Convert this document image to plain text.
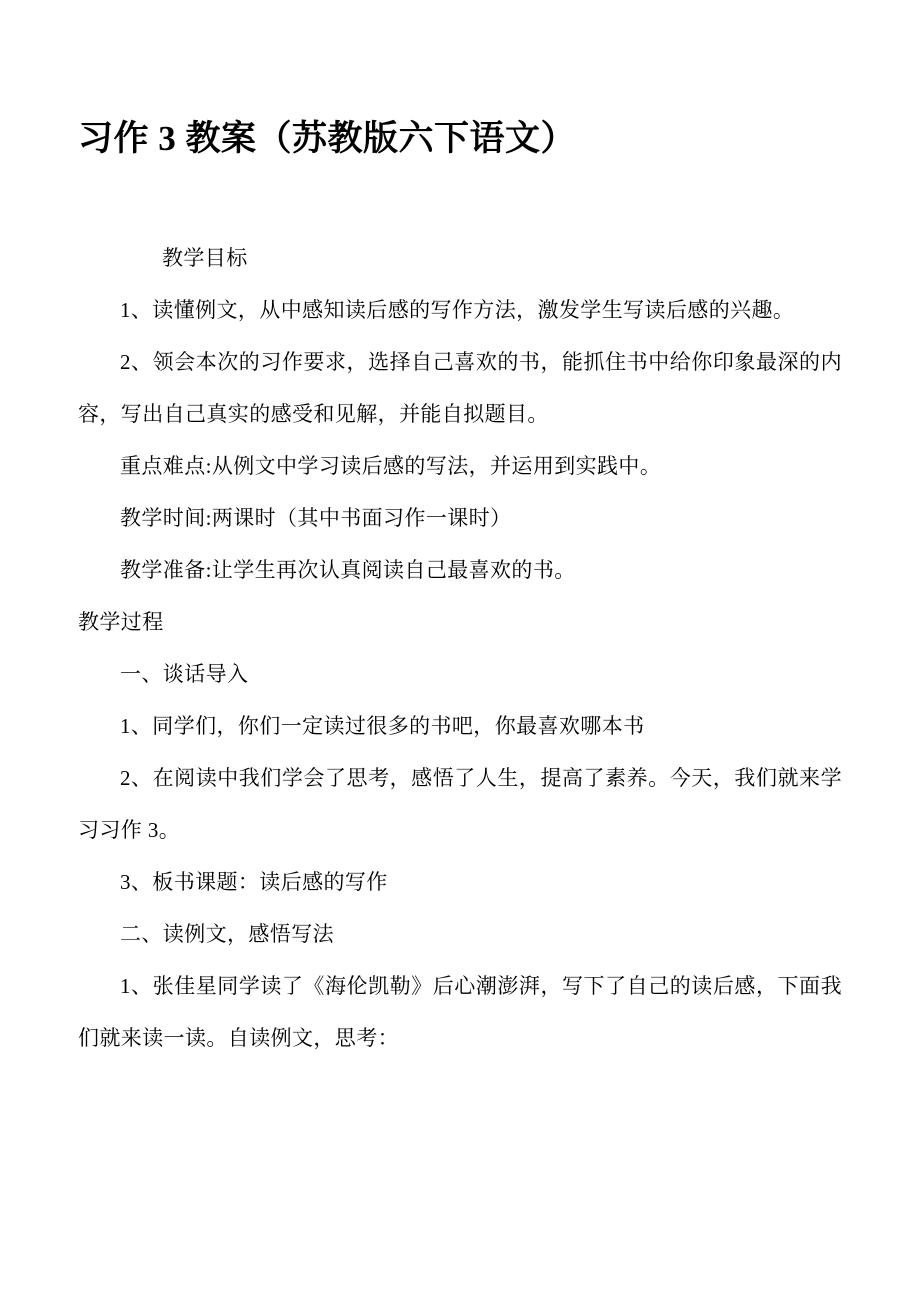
习作 3 教案（苏教版六下语文）

教学目标

1、读懂例文，从中感知读后感的写作方法，激发学生写读后感的兴趣。

2、领会本次的习作要求，选择自己喜欢的书，能抓住书中给你印象最深的内容，写出自己真实的感受和见解，并能自拟题目。

重点难点:从例文中学习读后感的写法，并运用到实践中。

教学时间:两课时（其中书面习作一课时）

教学准备:让学生再次认真阅读自己最喜欢的书。

教学过程

一、谈话导入

1、同学们，你们一定读过很多的书吧，你最喜欢哪本书

2、在阅读中我们学会了思考，感悟了人生，提高了素养。今天，我们就来学习习作 3。

3、板书课题：读后感的写作

二、读例文，感悟写法

1、张佳星同学读了《海伦凯勒》后心潮澎湃，写下了自己的读后感，下面我们就来读一读。自读例文，思考：
